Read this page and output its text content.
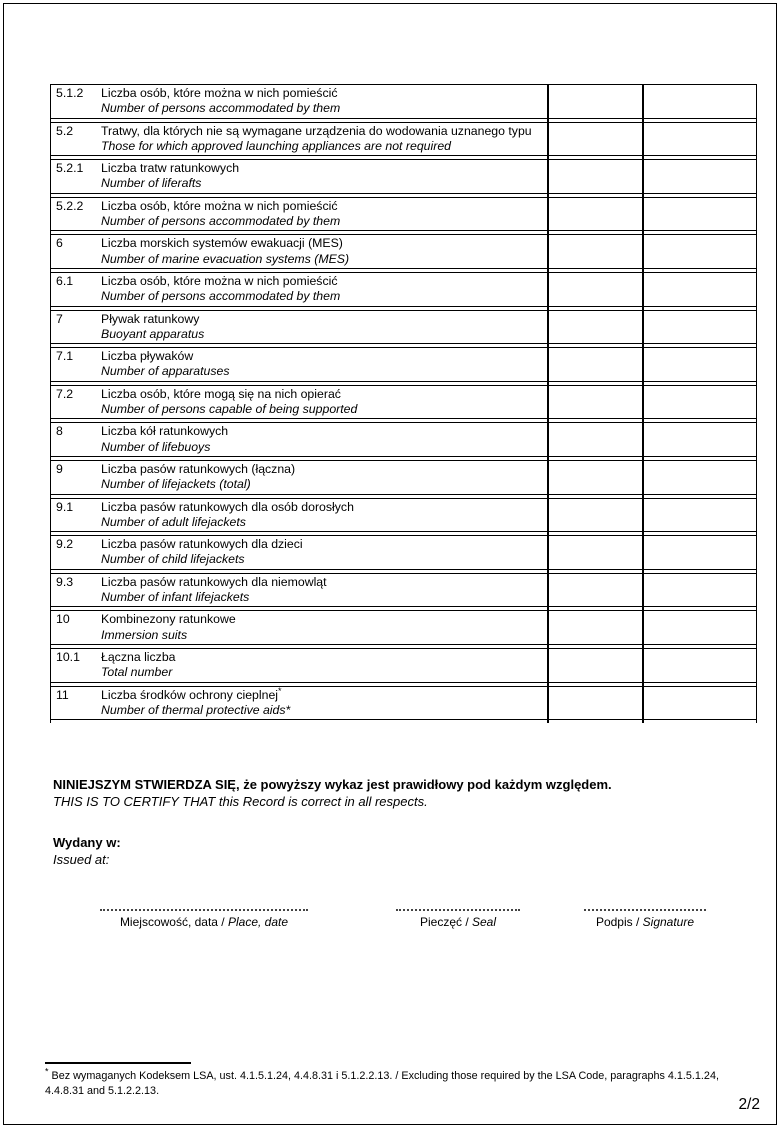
5.1.2	Liczba osób, które można w nich pomieścić
Number of persons accommodated by them
5.2	Tratwy, dla których nie są wymagane urządzenia do wodowania uznanego typu
Those for which approved launching appliances are not required
5.2.1	Liczba tratw ratunkowych
Number of liferafts
5.2.2	Liczba osób, które można w nich pomieścić
Number of persons accommodated by them
6	Liczba morskich systemów ewakuacji (MES)
Number of marine evacuation systems (MES)
6.1	Liczba osób, które można w nich pomieścić
Number of persons accommodated by them
7	Pływak ratunkowy
Buoyant apparatus
7.1	Liczba pływaków
Number of apparatuses
7.2	Liczba osób, które mogą się na nich opierać
Number of persons capable of being supported
8	Liczba kół ratunkowych
Number of lifebuoys
9	Liczba pasów ratunkowych (łączna)
Number of lifejackets (total)
9.1	Liczba pasów ratunkowych dla osób dorosłych
Number of adult lifejackets
9.2	Liczba pasów ratunkowych dla dzieci
Number of child lifejackets
9.3	Liczba pasów ratunkowych dla niemowląt
Number of infant lifejackets
10	Kombinezony ratunkowe
Immersion suits
10.1	Łączna liczba
Total number
11	Liczba środków ochrony cieplnej*
Number of thermal protective aids*
NINIEJSZYM STWIERDZA SIĘ, że powyższy wykaz jest prawidłowy pod każdym względem.
THIS IS TO CERTIFY THAT this Record is correct in all respects.
Wydany w:
Issued at:
Miejscowość, data / Place, date	Pieczęć / Seal	Podpis / Signature
* Bez wymaganych Kodeksem LSA, ust. 4.1.5.1.24, 4.4.8.31 i 5.1.2.2.13. / Excluding those required by the LSA Code, paragraphs 4.1.5.1.24, 4.4.8.31 and 5.1.2.2.13.
2/2
